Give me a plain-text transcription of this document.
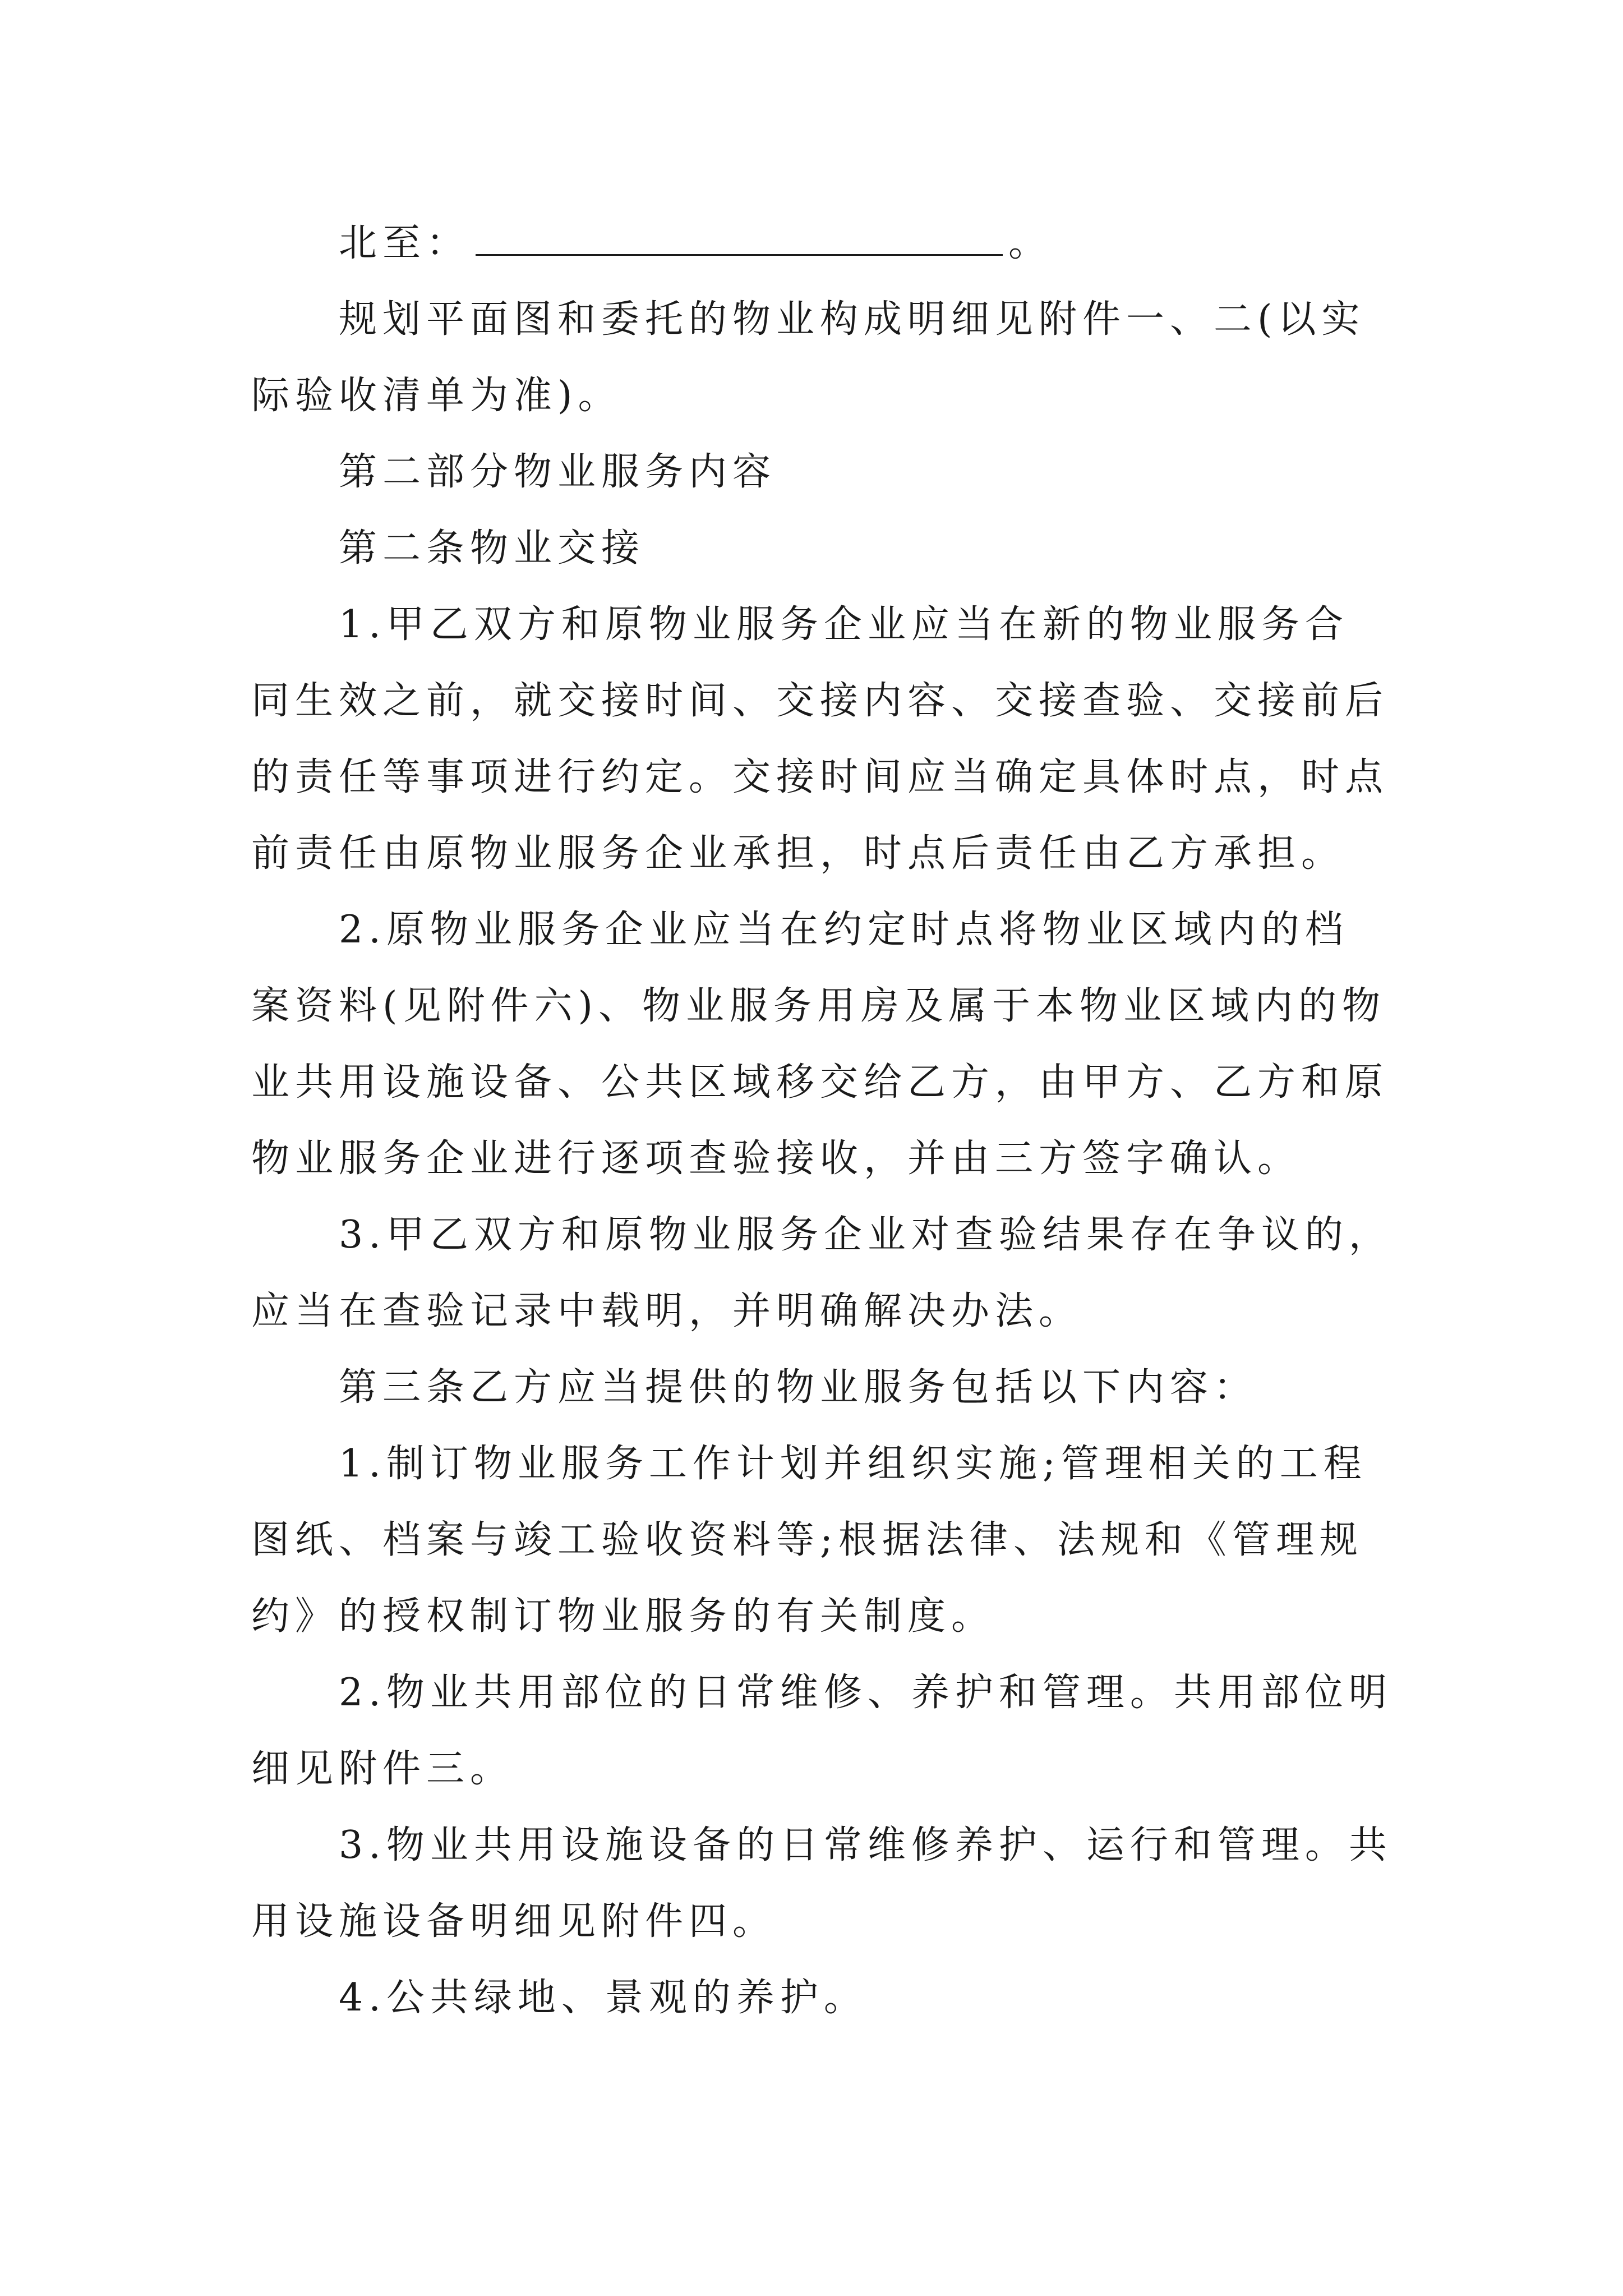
北至：	。
规划平面图和委托的物业构成明细见附件一、二(以实
际验收清单为准)。
第二部分物业服务内容
第二条物业交接
1.甲乙双方和原物业服务企业应当在新的物业服务合
同生效之前，就交接时间、交接内容、交接查验、交接前后
的责任等事项进行约定。交接时间应当确定具体时点，时点
前责任由原物业服务企业承担，时点后责任由乙方承担。
2.原物业服务企业应当在约定时点将物业区域内的档
案资料(见附件六)、物业服务用房及属于本物业区域内的物
业共用设施设备、公共区域移交给乙方，由甲方、乙方和原
物业服务企业进行逐项查验接收，并由三方签字确认。
3.甲乙双方和原物业服务企业对查验结果存在争议的，
应当在查验记录中载明，并明确解决办法。
第三条乙方应当提供的物业服务包括以下内容：
1.制订物业服务工作计划并组织实施;管理相关的工程
图纸、档案与竣工验收资料等;根据法律、法规和《管理规
约》的授权制订物业服务的有关制度。
2.物业共用部位的日常维修、养护和管理。共用部位明
细见附件三。
3.物业共用设施设备的日常维修养护、运行和管理。共
用设施设备明细见附件四。
4.公共绿地、景观的养护。
